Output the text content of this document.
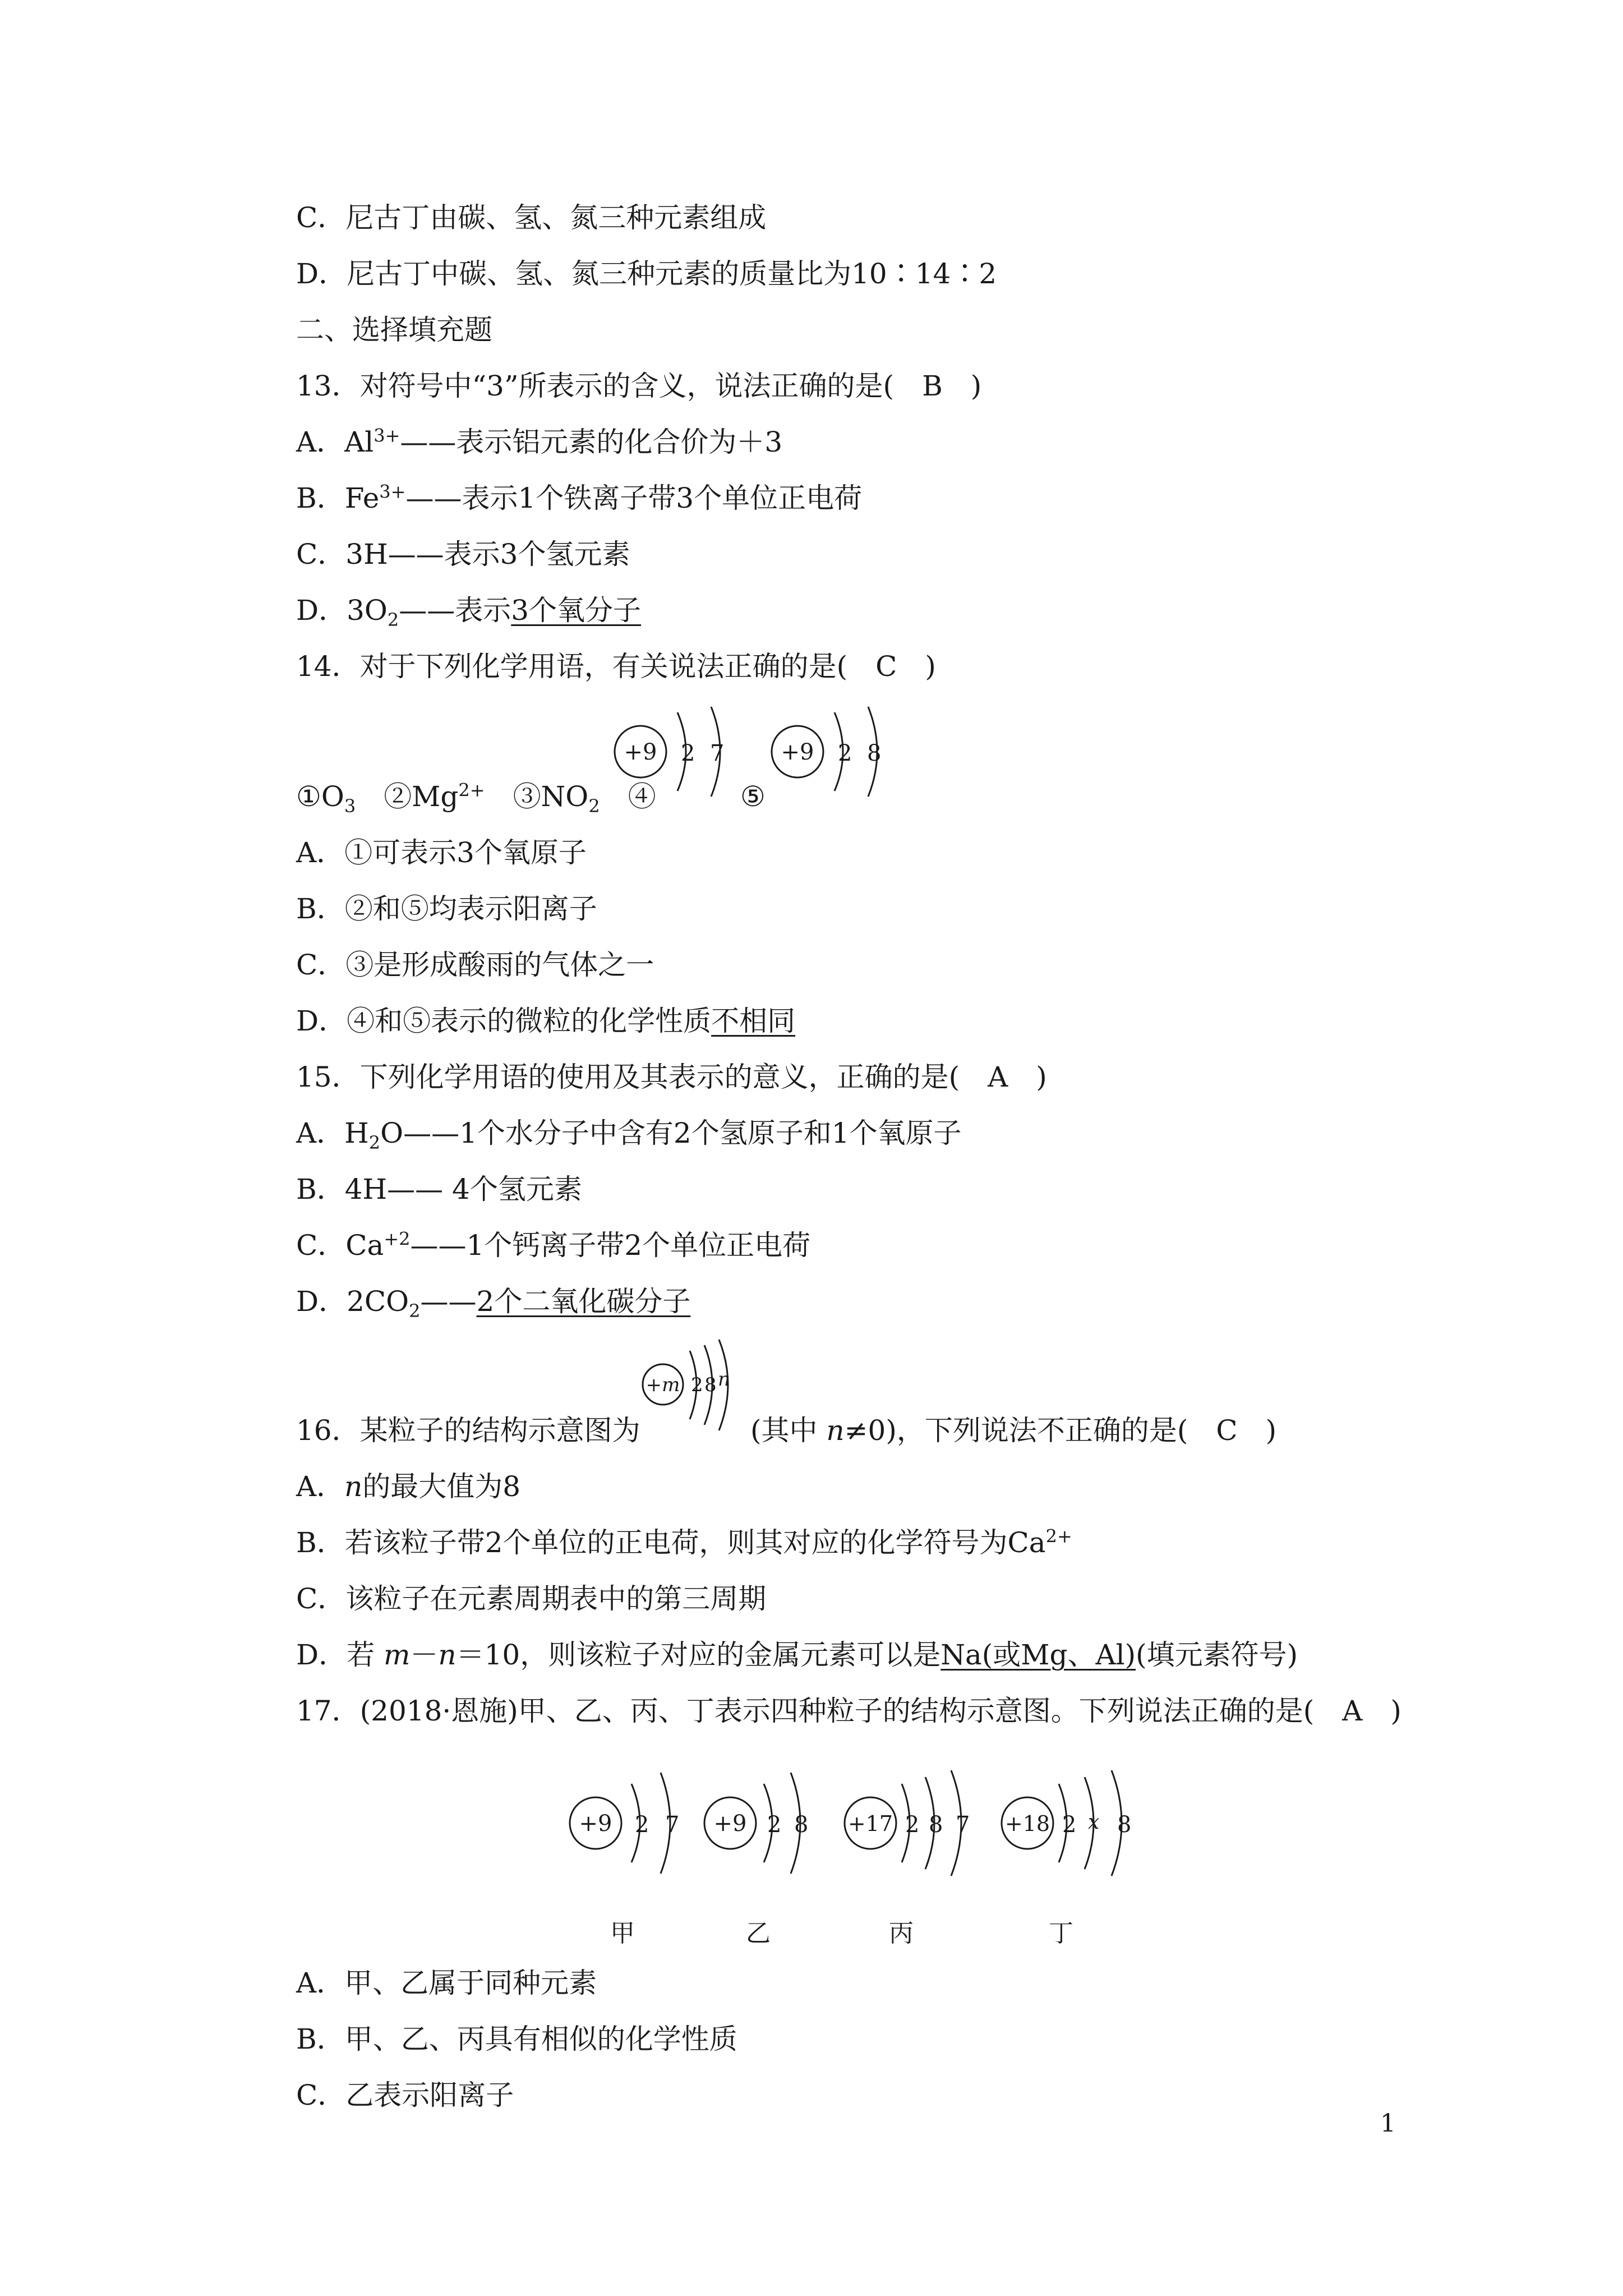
C．尼古丁由碳、氢、氮三种元素组成
D．尼古丁中碳、氢、氮三种元素的质量比为10∶14∶2
二、选择填充题
13．对符号中“3”所表示的含义，说法正确的是(　B　)
A．$Al^{3+}——$表示铝元素的化合价为＋3
B．$Fe^{3+}——$表示1个铁离子带3个单位正电荷
C．3H——表示3个氢元素
D．$3O_2——$表示3个氧分子
14．对于下列化学用语，有关说法正确的是(　C　)
$①O_3$　 $②Mg^{2+}$　 $③NO_2$　 ④	⑤
+9 2 7	+9 2 8
A．①可表示3个氧原子
B．②和⑤均表示阳离子
C．③是形成酸雨的气体之一
D．④和⑤表示的微粒的化学性质不相同
15．下列化学用语的使用及其表示的意义，正确的是(　A　)
A．$H_2O——1$个水分子中含有2个氢原子和1个氧原子
B．4H—— 4个氢元素
C．$Ca^{+2}——1$个钙离子带2个单位正电荷
D．$2CO_2——2$个二氧化碳分子
16．某粒子的结构示意图为
+m 2 8 n
(其中 n≠0)，下列说法不正确的是(　C　)
A．n的最大值为8
B．若该粒子带2个单位的正电荷，则其对应的化学符号为$Ca^{2+}$
C．该粒子在元素周期表中的第三周期
D．若 m－n＝10，则该粒子对应的金属元素可以是Na(或Mg、Al)(填元素符号)
17．(2018·恩施)甲、乙、丙、丁表示四种粒子的结构示意图。下列说法正确的是(　A　)
+9 2 7 +9 2 8 +17 2 8 7 +18 2 x 8
甲	乙	丙	丁
A．甲、乙属于同种元素
B．甲、乙、丙具有相似的化学性质
C．乙表示阳离子
1
